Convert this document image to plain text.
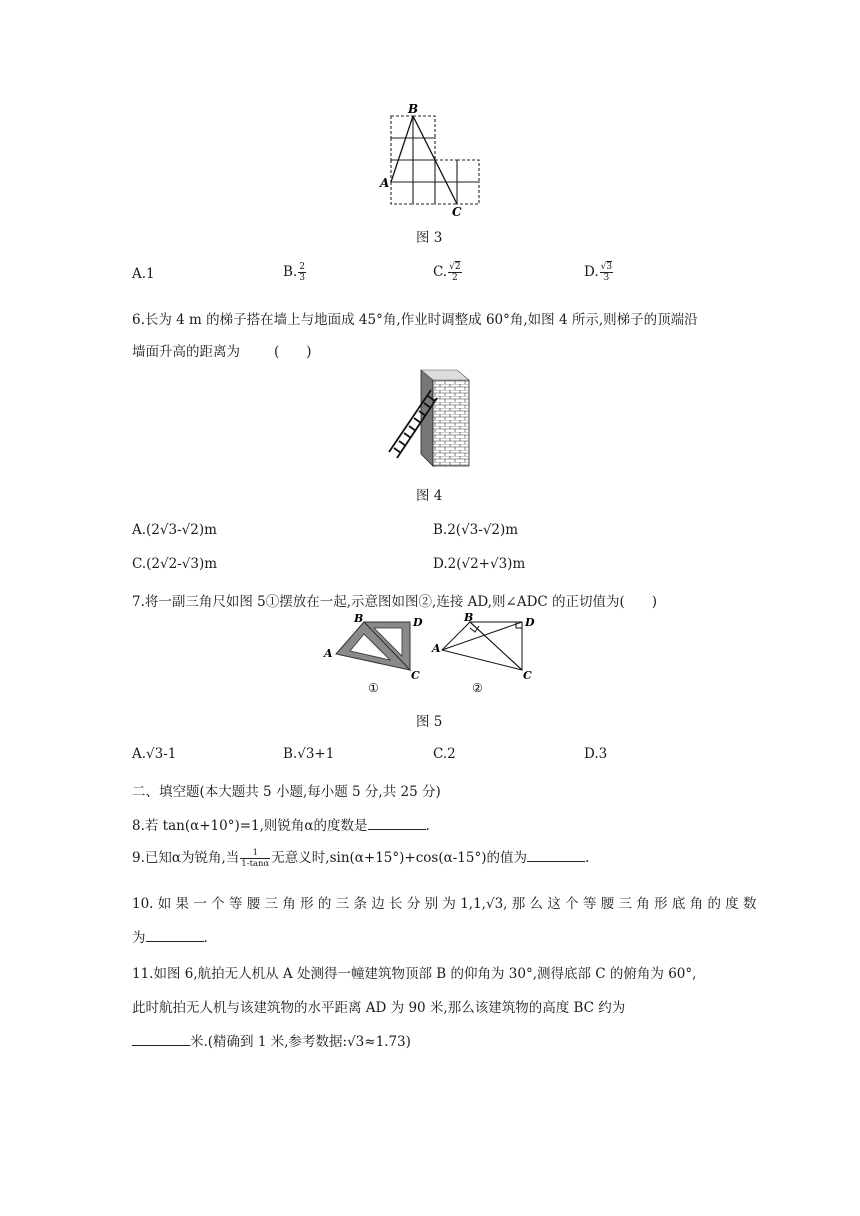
B
A
C
图 3
A.1	B. $\frac{2}{3}$	C. $\frac{√2}{2}$	D. $\frac{√3}{3}$
6.长为 4 m 的梯子搭在墙上与地面成 45°角,作业时调整成 60°角,如图 4 所示,则梯子的顶端沿
墙面升高的距离为	(　　)
图 4
A.(2√3-√2)m	B.2(√3-√2)m
C.(2√2-√3)m	D.2(√2+√3)m
7.将一副三角尺如图 5①摆放在一起,示意图如图②,连接 AD,则∠ADC 的正切值为(　　)
B	D
A
C
B	D
A
C
①	②
图 5
A.√3-1	B.√3+1	C.2	D.3
二、填空题(本大题共 5 小题,每小题 5 分,共 25 分)
8.若 tan(α+10°)=1,则锐角α的度数是	.
9.已知α为锐角,当 $\frac{1}{1-\tan\alpha}$ 无意义时,sin(α+15°)+cos(α-15°)的值为	.
10. 如 果 一 个 等 腰 三 角 形 的 三 条 边 长 分 别 为 1,1,√3, 那 么 这 个 等 腰 三 角 形 底 角 的 度 数
为	.
11.如图 6,航拍无人机从 A 处测得一幢建筑物顶部 B 的仰角为 30°,测得底部 C 的俯角为 60°,
此时航拍无人机与该建筑物的水平距离 AD 为 90 米,那么该建筑物的高度 BC 约为
米.(精确到 1 米,参考数据:√3≈1.73)
